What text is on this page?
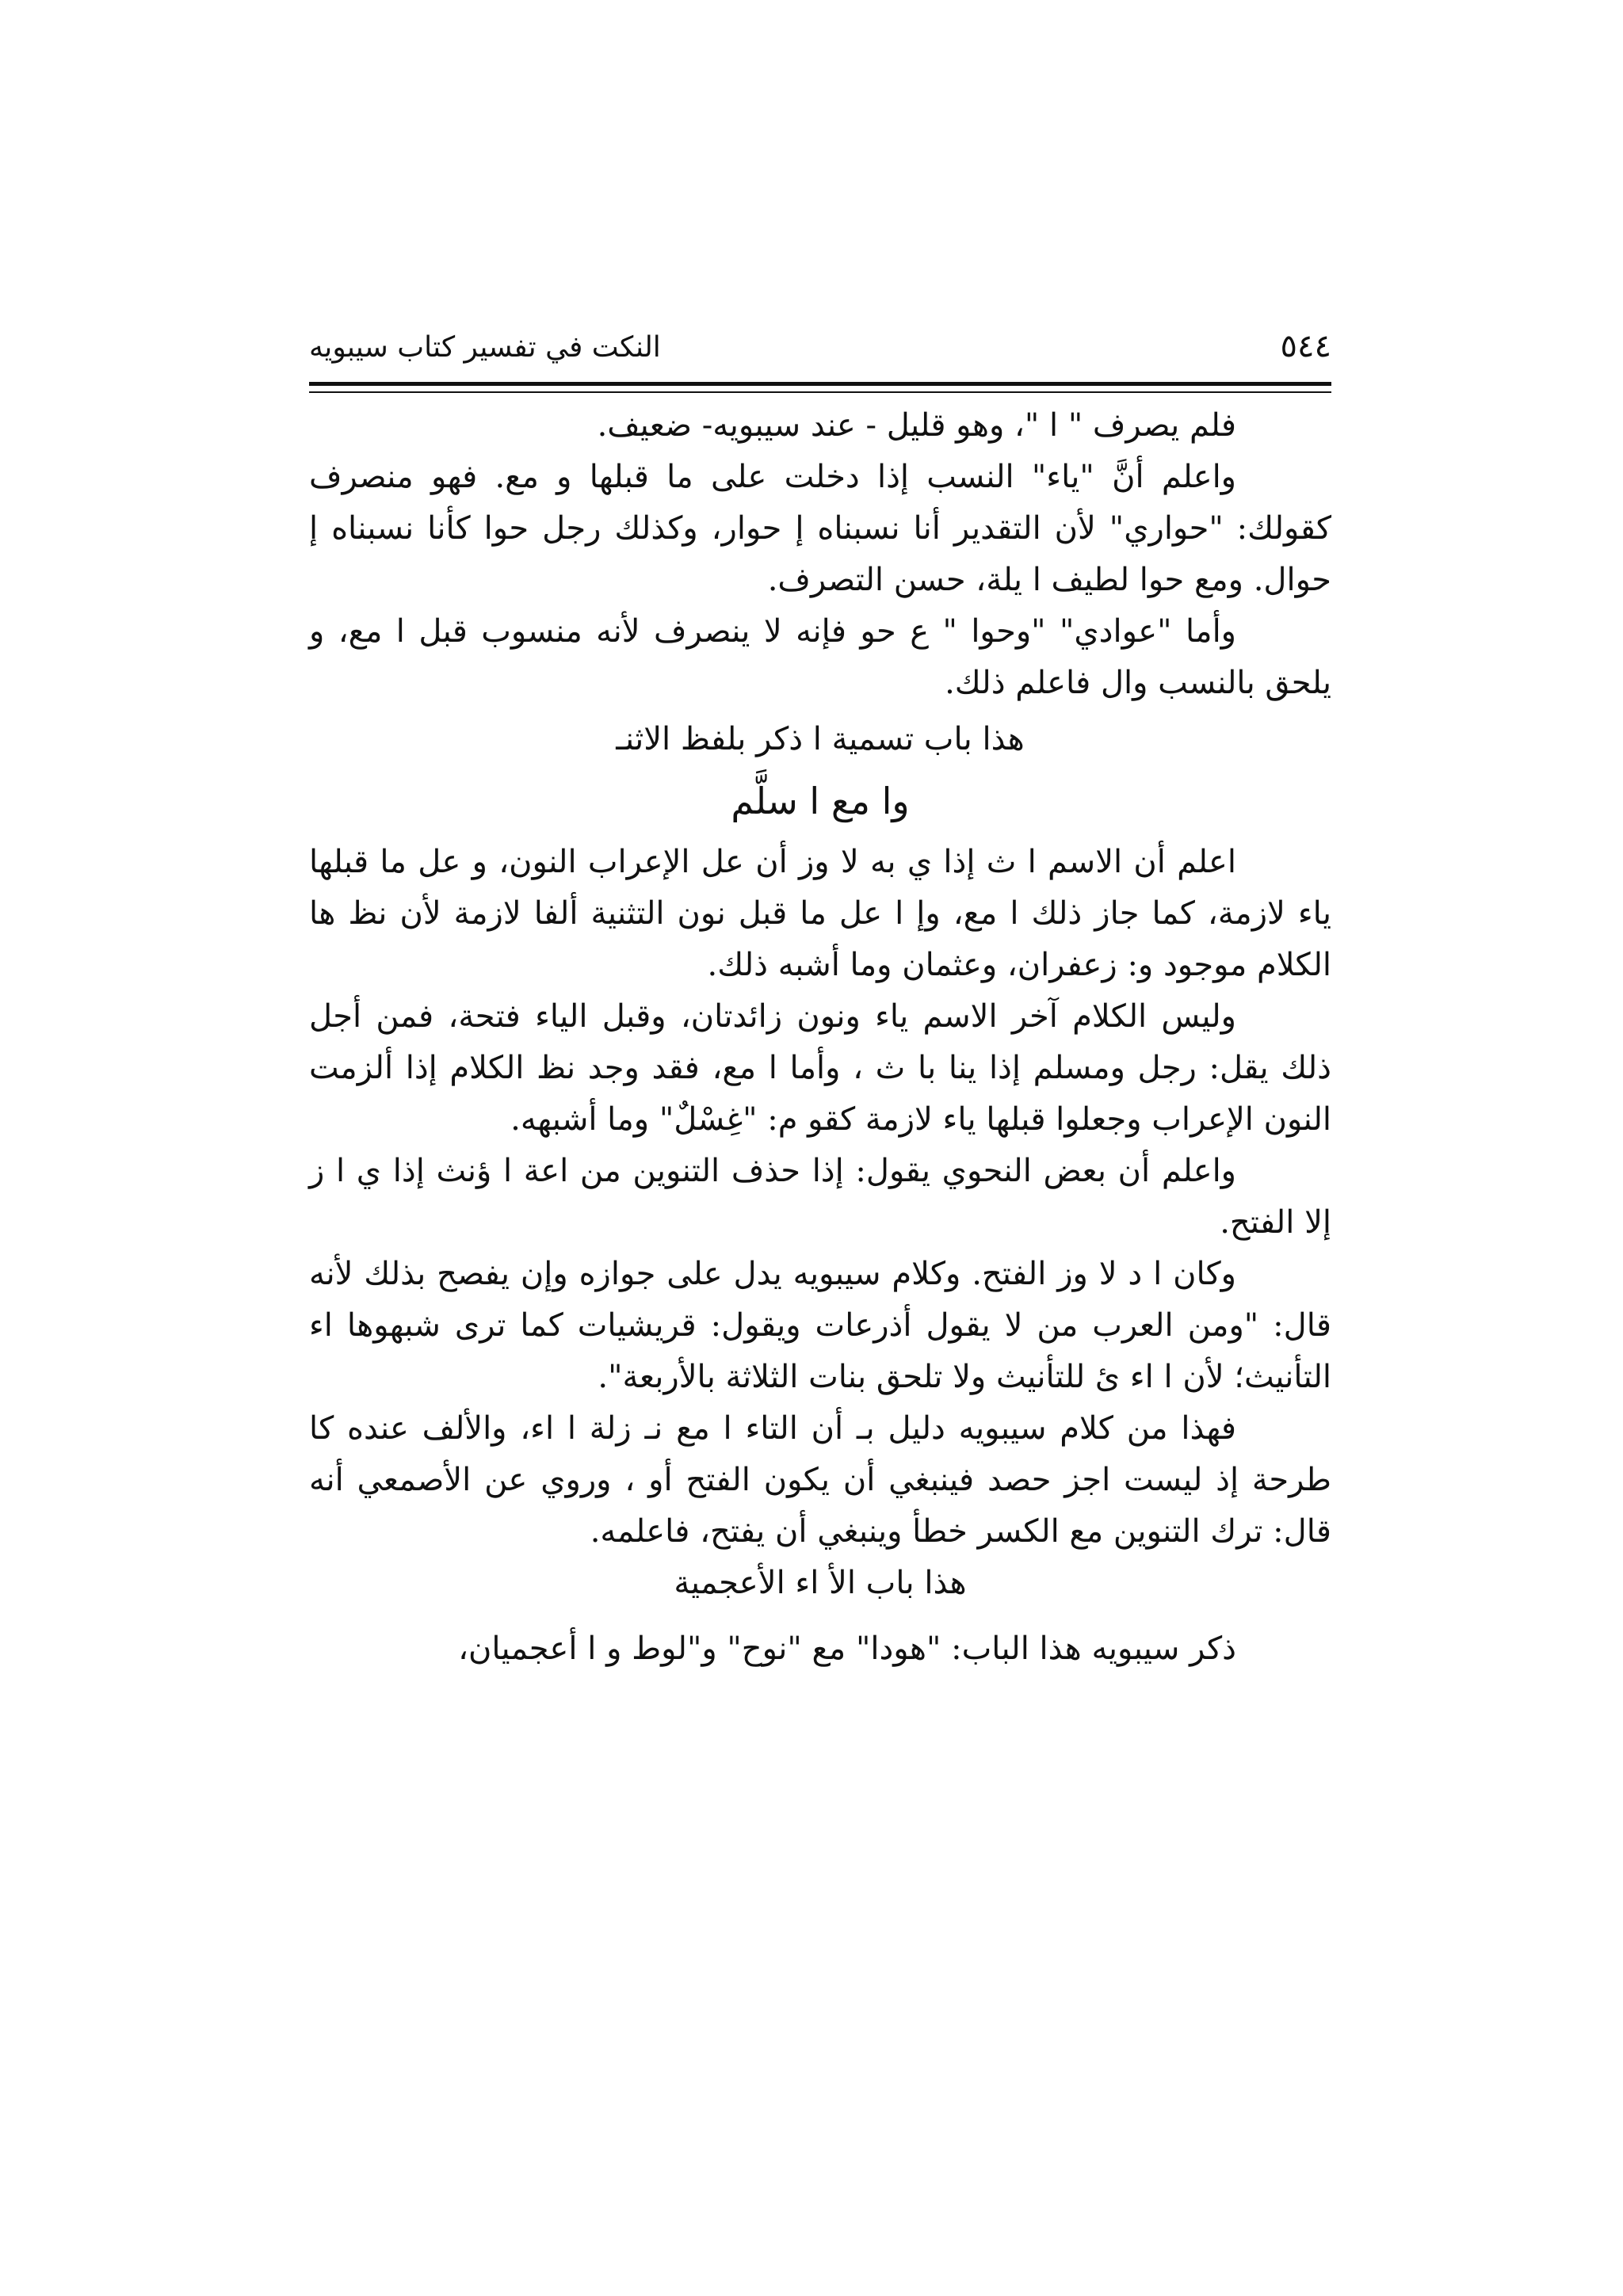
النكت في تفسير كتاب سيبويه	٥٤٤

فلم يصرف " ا "، وهو قليل - عند سيبويه- ضعيف.

واعلم أنَّ "ياء" النسب إذا دخلت على ما قبلها و مع. فهو منصرف كقولك: "حواري" لأن التقدير أنا نسبناه إ حوار، وكذلك رجل حوا كأنا نسبناه إ حوال. ومع حوا لطيف ا يلة، حسن التصرف.

وأما "عوادي" "وحوا " ع حو فإنه لا ينصرف لأنه منسوب قبل ا مع، و يلحق بالنسب وال فاعلم ذلك.

هذا باب تسمية ا ذكر بلفظ الاثنـ

وا مع ا سلَّم

اعلم أن الاسم ا ث إذا ي به لا وز أن عل الإعراب النون، و عل ما قبلها ياء لازمة، كما جاز ذلك ا مع، وإ ا عل ما قبل نون التثنية ألفا لازمة لأن نظ ها الكلام موجود و: زعفران، وعثمان وما أشبه ذلك.

وليس الكلام آخر الاسم ياء ونون زائدتان، وقبل الياء فتحة، فمن أجل ذلك يقل: رجل ومسلم إذا ينا با ث ، وأما ا مع، فقد وجد نظ الكلام إذا ألزمت النون الإعراب وجعلوا قبلها ياء لازمة كقو م: "غِسْلٌ" وما أشبهه.

واعلم أن بعض النحوي يقول: إذا حذف التنوين من اعة ا ؤنث إذا ي ا ز إلا الفتح.

وكان ا د لا وز الفتح. وكلام سيبويه يدل على جوازه وإن يفصح بذلك لأنه قال: "ومن العرب من لا يقول أذرعات ويقول: قريشيات كما ترى شبهوها اء التأنيث؛ لأن ا اء ئ للتأنيث ولا تلحق بنات الثلاثة بالأربعة".

فهذا من كلام سيبويه دليل بـ أن التاء ا مع نـ زلة ا اء، والألف عنده كا طرحة إذ ليست اجز حصد فينبغي أن يكون الفتح أو ، وروي عن الأصمعي أنه قال: ترك التنوين مع الكسر خطأ وينبغي أن يفتح، فاعلمه.

هذا باب الأ اء الأعجمية

ذكر سيبويه هذا الباب: "هودا" مع "نوح" و"لوط و ا أعجميان،
